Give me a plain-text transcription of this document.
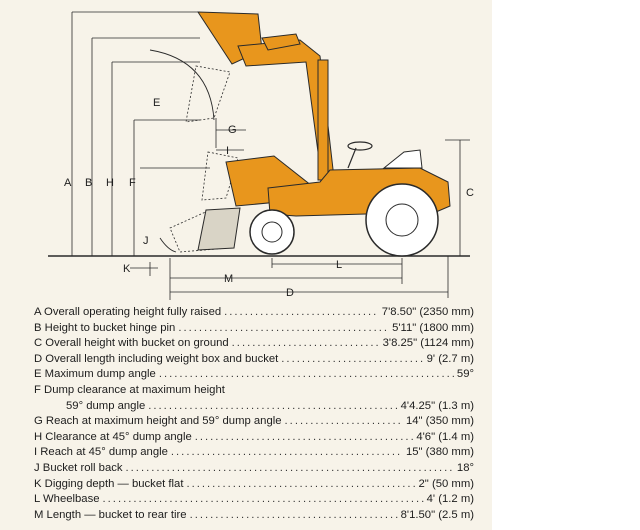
A B H F
E
G
I
J
K
M
L
D
C
A Overall operating height fully raised .....	7'8.50" (2350 mm)
B Height to bucket hinge pin .....	5'11" (1800 mm)
C Overall height with bucket on ground .....	3'8.25" (1124 mm)
D Overall length including weight box and bucket .....	9' (2.7 m)
E Maximum dump angle .....	59°
F Dump clearance at maximum height
59° dump angle .....	4'4.25" (1.3 m)
G Reach at maximum height and 59° dump angle .....	14" (350 mm)
H Clearance at 45° dump angle .....	4'6" (1.4 m)
I Reach at 45° dump angle .....	15" (380 mm)
J Bucket roll back .....	18°
K Digging depth — bucket flat .....	2" (50 mm)
L Wheelbase .....	4' (1.2 m)
M Length — bucket to rear tire .....	8'1.50" (2.5 m)
